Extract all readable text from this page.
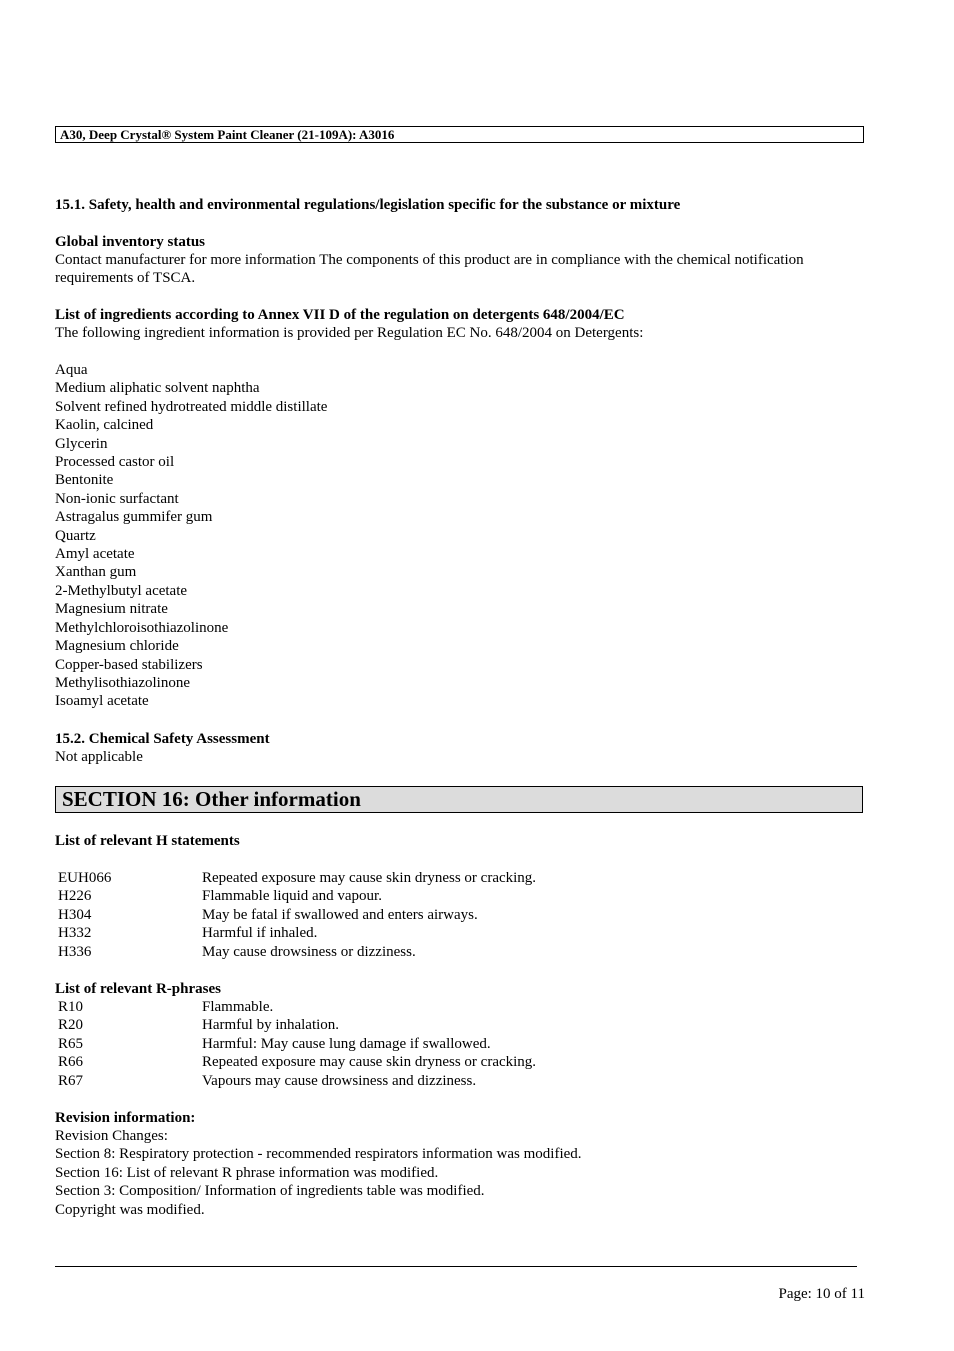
A30, Deep Crystal® System Paint Cleaner (21-109A): A3016
15.1. Safety, health and environmental regulations/legislation specific for the substance or mixture
Global inventory status
Contact manufacturer for more information The components of this product are in compliance with the chemical notification
requirements of TSCA.
List of ingredients according to Annex VII D of the regulation on detergents 648/2004/EC
The following ingredient information is provided per Regulation EC No. 648/2004 on Detergents:
Aqua
Medium aliphatic solvent naphtha
Solvent refined hydrotreated middle distillate
Kaolin, calcined
Glycerin
Processed castor oil
Bentonite
Non-ionic surfactant
Astragalus gummifer gum
Quartz
Amyl acetate
Xanthan gum
2-Methylbutyl acetate
Magnesium nitrate
Methylchloroisothiazolinone
Magnesium chloride
Copper-based stabilizers
Methylisothiazolinone
Isoamyl acetate
15.2. Chemical Safety Assessment
Not applicable
SECTION 16: Other information
List of relevant H statements
EUH066	Repeated exposure may cause skin dryness or cracking.
H226	Flammable liquid and vapour.
H304	May be fatal if swallowed and enters airways.
H332	Harmful if inhaled.
H336	May cause drowsiness or dizziness.
List of relevant R-phrases
R10	Flammable.
R20	Harmful by inhalation.
R65	Harmful: May cause lung damage if swallowed.
R66	Repeated exposure may cause skin dryness or cracking.
R67	Vapours may cause drowsiness and dizziness.
Revision information:
Revision Changes:
Section 8: Respiratory protection - recommended respirators information was modified.
Section 16: List of relevant R phrase information was modified.
Section 3: Composition/ Information of ingredients table was modified.
Copyright was modified.
Page: 10 of 11
